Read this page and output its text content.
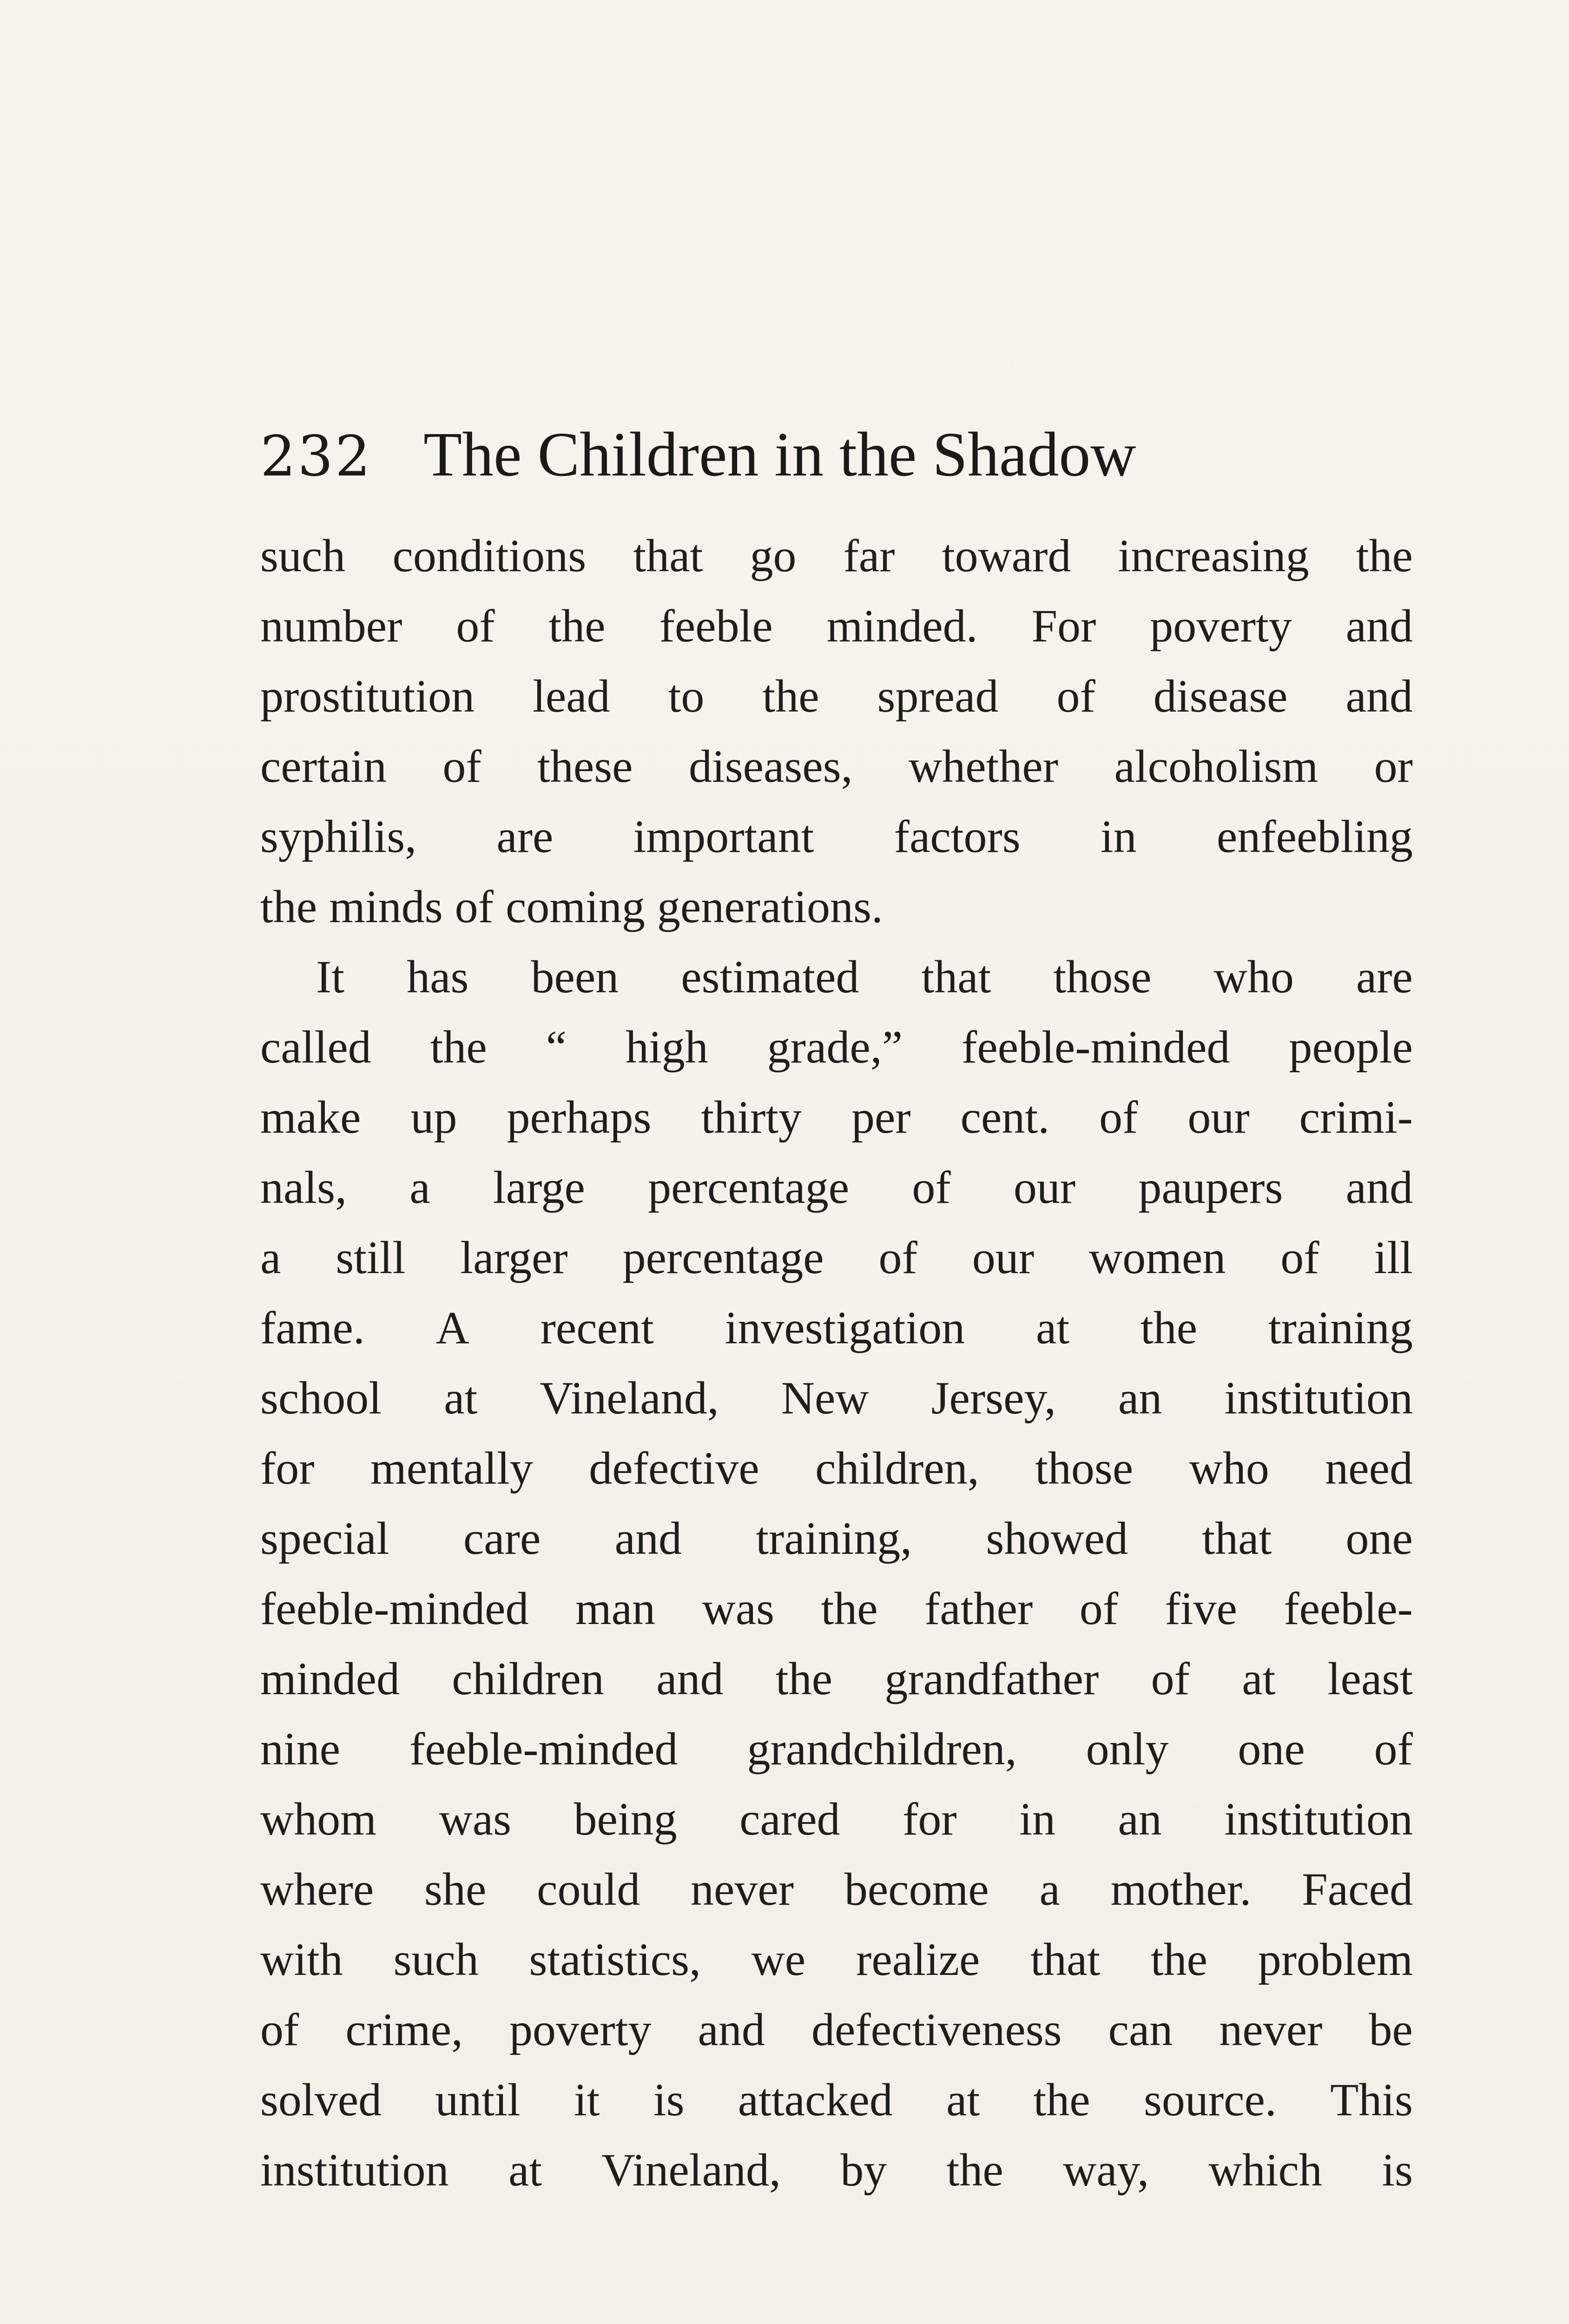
232 The Children in the Shadow
such conditions that go far toward increasing the
number of the feeble minded. For poverty and
prostitution lead to the spread of disease and
certain of these diseases, whether alcoholism or
syphilis, are important factors in enfeebling
the minds of coming generations.
It has been estimated that those who are
called the “ high grade,” feeble-minded people
make up perhaps thirty per cent. of our crimi-
nals, a large percentage of our paupers and
a still larger percentage of our women of ill
fame. A recent investigation at the training
school at Vineland, New Jersey, an institution
for mentally defective children, those who need
special care and training, showed that one
feeble-minded man was the father of five feeble-
minded children and the grandfather of at least
nine feeble-minded grandchildren, only one of
whom was being cared for in an institution
where she could never become a mother. Faced
with such statistics, we realize that the problem
of crime, poverty and defectiveness can never be
solved until it is attacked at the source. This
institution at Vineland, by the way, which is
